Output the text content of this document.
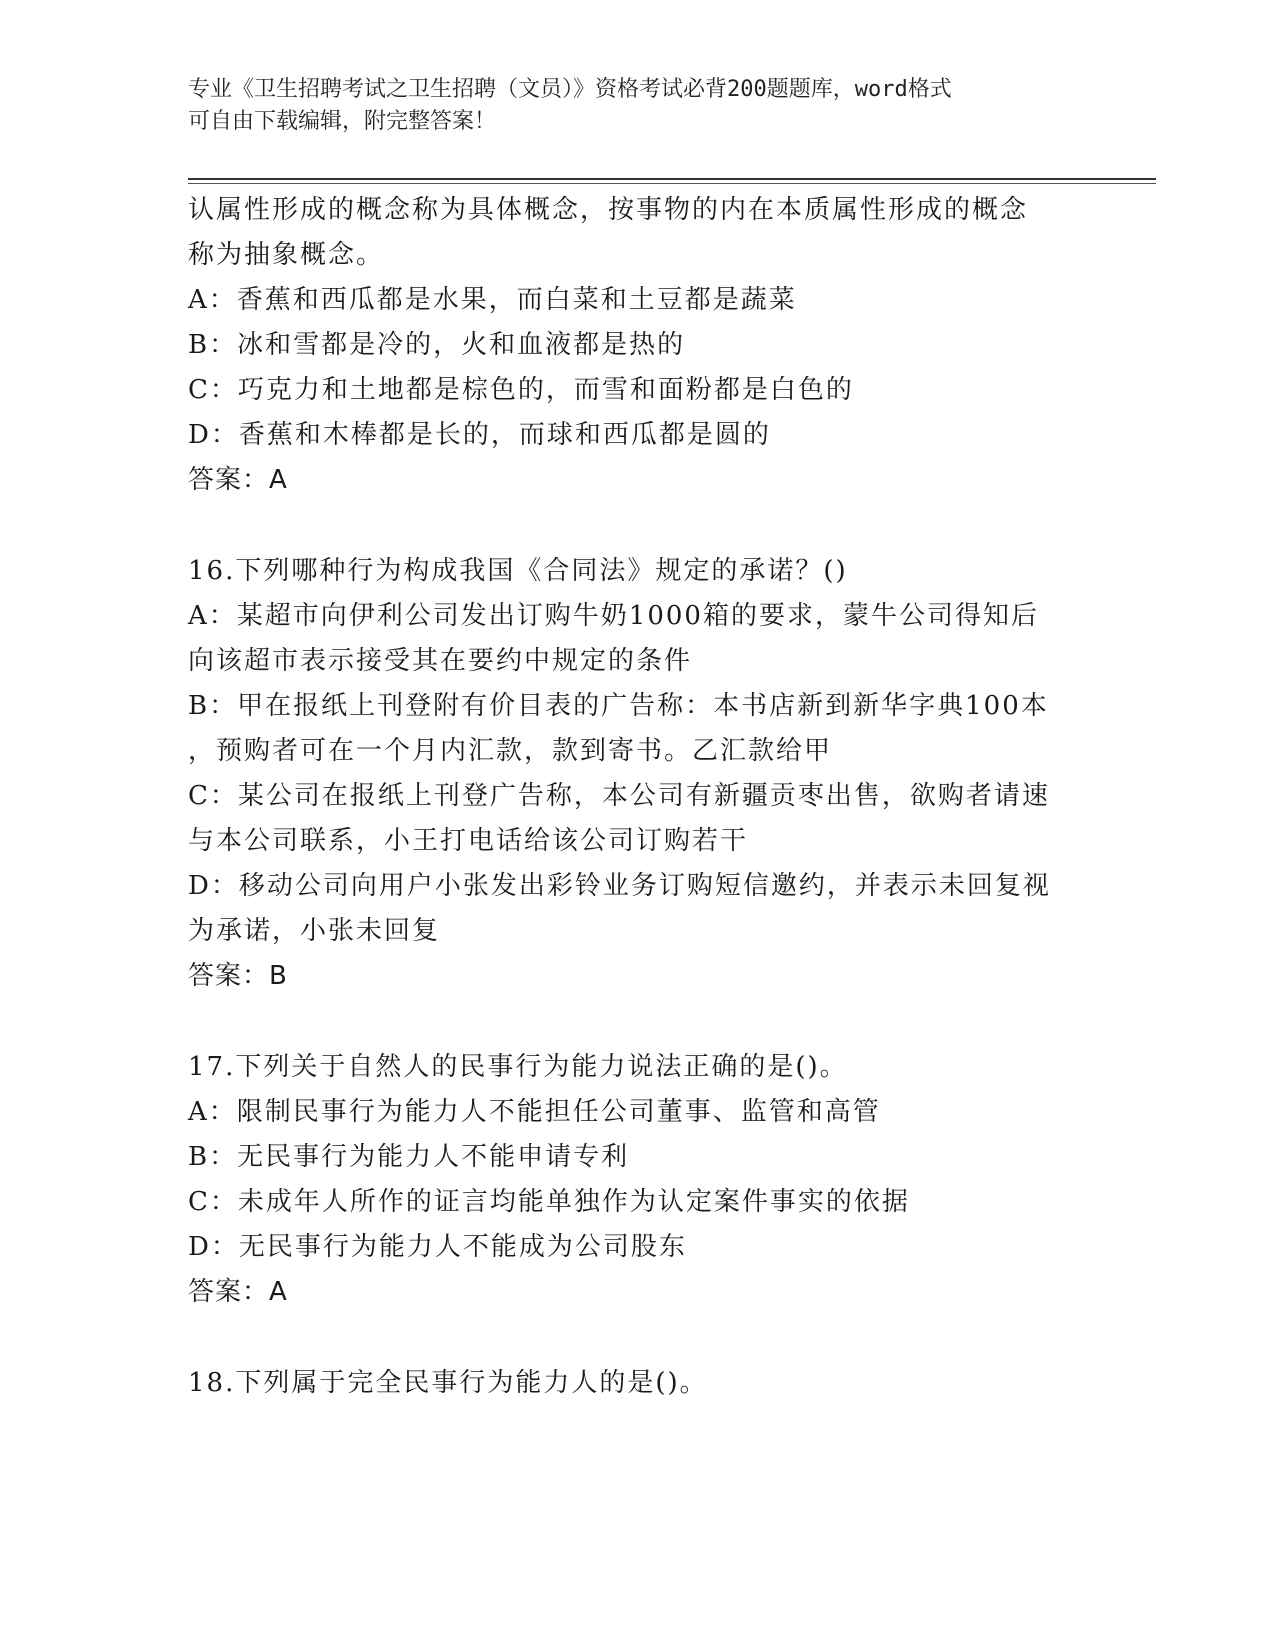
专业《卫生招聘考试之卫生招聘（文员）》资格考试必背200题题库，word格式
可自由下载编辑，附完整答案！
认属性形成的概念称为具体概念，按事物的内在本质属性形成的概念
称为抽象概念。
A：香蕉和西瓜都是水果，而白菜和土豆都是蔬菜
B：冰和雪都是冷的，火和血液都是热的
C：巧克力和土地都是棕色的，而雪和面粉都是白色的
D：香蕉和木棒都是长的，而球和西瓜都是圆的
答案：A
16.下列哪种行为构成我国《合同法》规定的承诺？()
A：某超市向伊利公司发出订购牛奶1000箱的要求，蒙牛公司得知后
向该超市表示接受其在要约中规定的条件
B：甲在报纸上刊登附有价目表的广告称：本书店新到新华字典100本
，预购者可在一个月内汇款，款到寄书。乙汇款给甲
C：某公司在报纸上刊登广告称，本公司有新疆贡枣出售，欲购者请速
与本公司联系，小王打电话给该公司订购若干
D：移动公司向用户小张发出彩铃业务订购短信邀约，并表示未回复视
为承诺，小张未回复
答案：B
17.下列关于自然人的民事行为能力说法正确的是()。
A：限制民事行为能力人不能担任公司董事、监管和高管
B：无民事行为能力人不能申请专利
C：未成年人所作的证言均能单独作为认定案件事实的依据
D：无民事行为能力人不能成为公司股东
答案：A
18.下列属于完全民事行为能力人的是()。
